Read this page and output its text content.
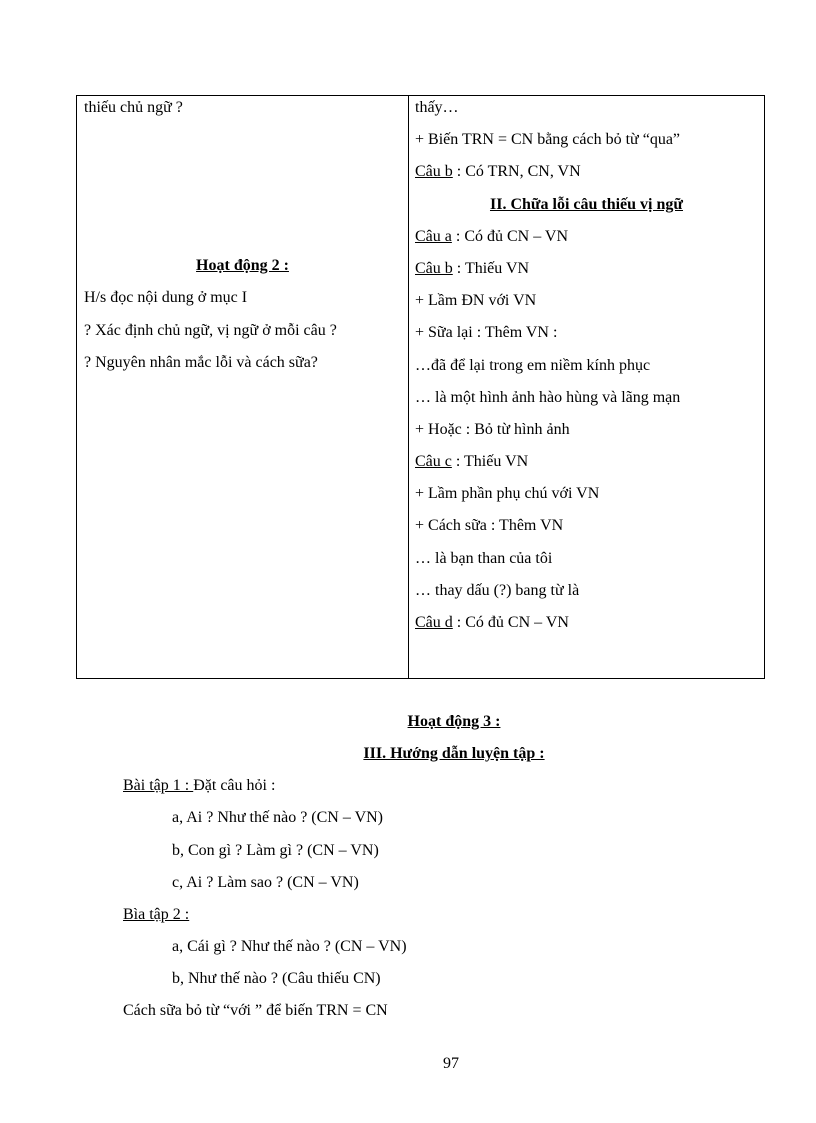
thiếu chủ ngữ ?
Hoạt động 2 :
H/s đọc nội dung ở mục I
? Xác định chủ ngữ, vị ngữ ở mỗi câu ?
? Nguyên nhân mắc lỗi và cách sữa?

thấy…
+ Biến TRN = CN bằng cách bỏ từ “qua”
Câu b : Có TRN, CN, VN
II. Chữa lỗi câu thiếu vị ngữ
Câu a : Có đủ CN – VN
Câu b : Thiếu VN
+ Lầm ĐN với VN
+ Sữa lại : Thêm VN :
…đã để lại trong em niềm kính phục
… là một hình ảnh hào hùng và lãng mạn
+ Hoặc : Bỏ từ hình ảnh
Câu c : Thiếu VN
+ Lầm phần phụ chú với VN
+ Cách sữa : Thêm VN
… là bạn than của tôi
… thay dấu (?) bang từ là
Câu d : Có đủ CN – VN
Hoạt động 3 :
III. Hướng dẫn luyện tập :
Bài tập 1 : Đặt câu hỏi :
a, Ai ? Như thế nào ? (CN – VN)
b, Con gì ? Làm gì ? (CN – VN)
c, Ai ? Làm sao ? (CN – VN)
Bìa tập 2 :
a, Cái gì ? Như thế nào ? (CN – VN)
b, Như thế nào ? (Câu thiếu CN)
Cách sữa bỏ từ “với ” để biến TRN = CN
97
